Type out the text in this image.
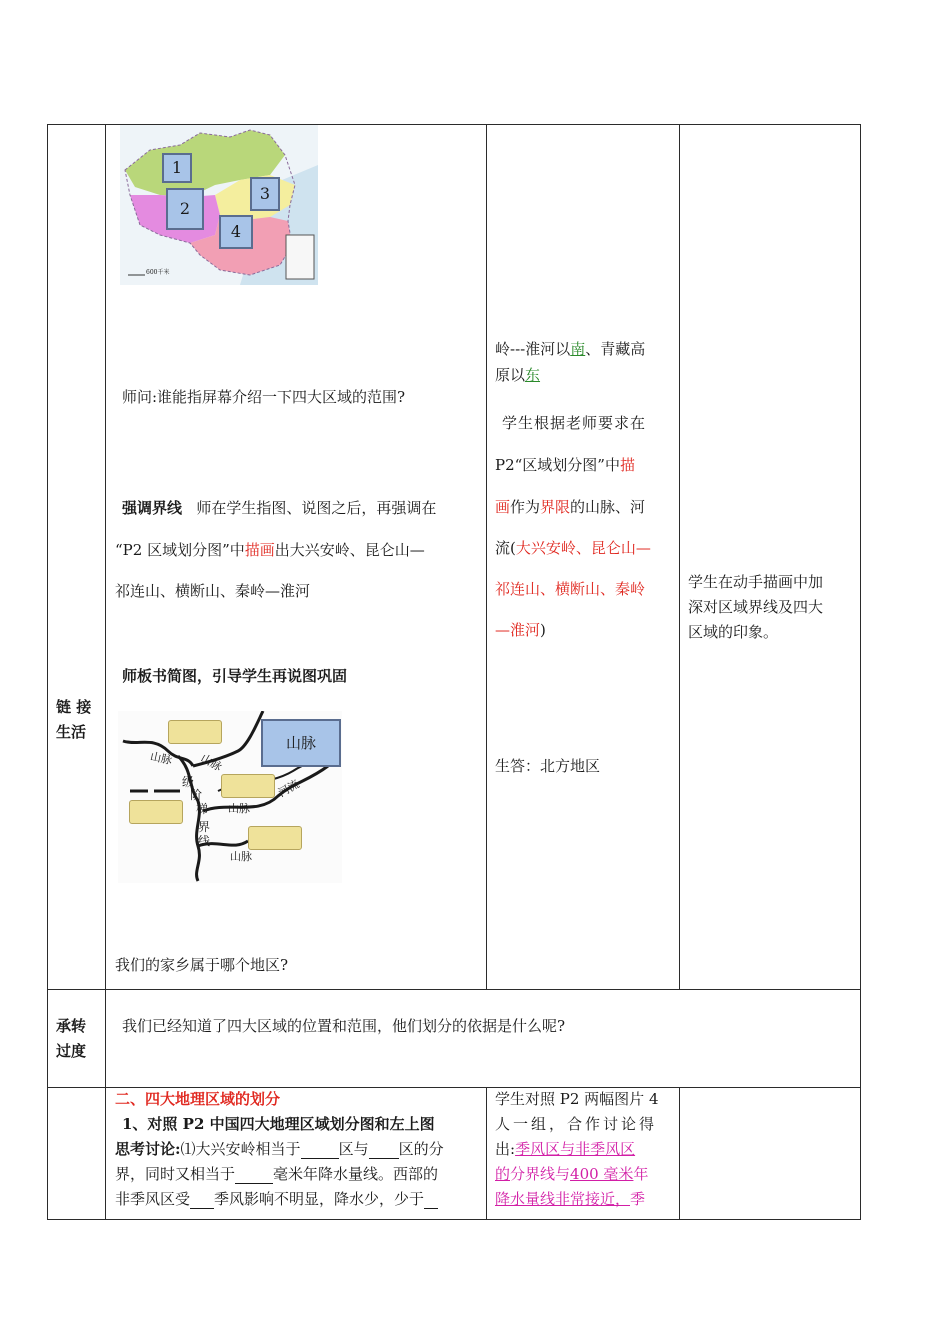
链 接
生活
1
2
3
4
600千米
师问:谁能指屏幕介绍一下四大区域的范围?
强调界线 师在学生指图、说图之后，再强调在
“P2 区域划分图”中描画出大兴安岭、昆仑山—
祁连山、横断山、秦岭—淮河
师板书简图，引导学生再说图巩固
山脉
山脉 山脉
级
阶
梯
界
线
山脉
河流
山脉
我们的家乡属于哪个地区?
岭---淮河以南、青藏高
原以东
学生根据老师要求在
P2“区域划分图”中描
画作为界限的山脉、河
流(大兴安岭、昆仑山—
祁连山、横断山、秦岭
—淮河)
生答：北方地区
学生在动手描画中加
深对区域界线及四大
区域的印象。
承转
过度
我们已经知道了四大区域的位置和范围，他们划分的依据是什么呢?
二、四大地理区域的划分
1、对照 P2 中国四大地理区域划分图和左上图
思考讨论:⑴大兴安岭相当于	区与 区的分
界，同时又相当于	毫米年降水量线。西部的
非季风区受 季风影响不明显，降水少，少于
学生对照 P2 两幅图片 4
人一组，合作讨论得
出:季风区与非季风区
的分界线与400 毫米年
降水量线非常接近，季
